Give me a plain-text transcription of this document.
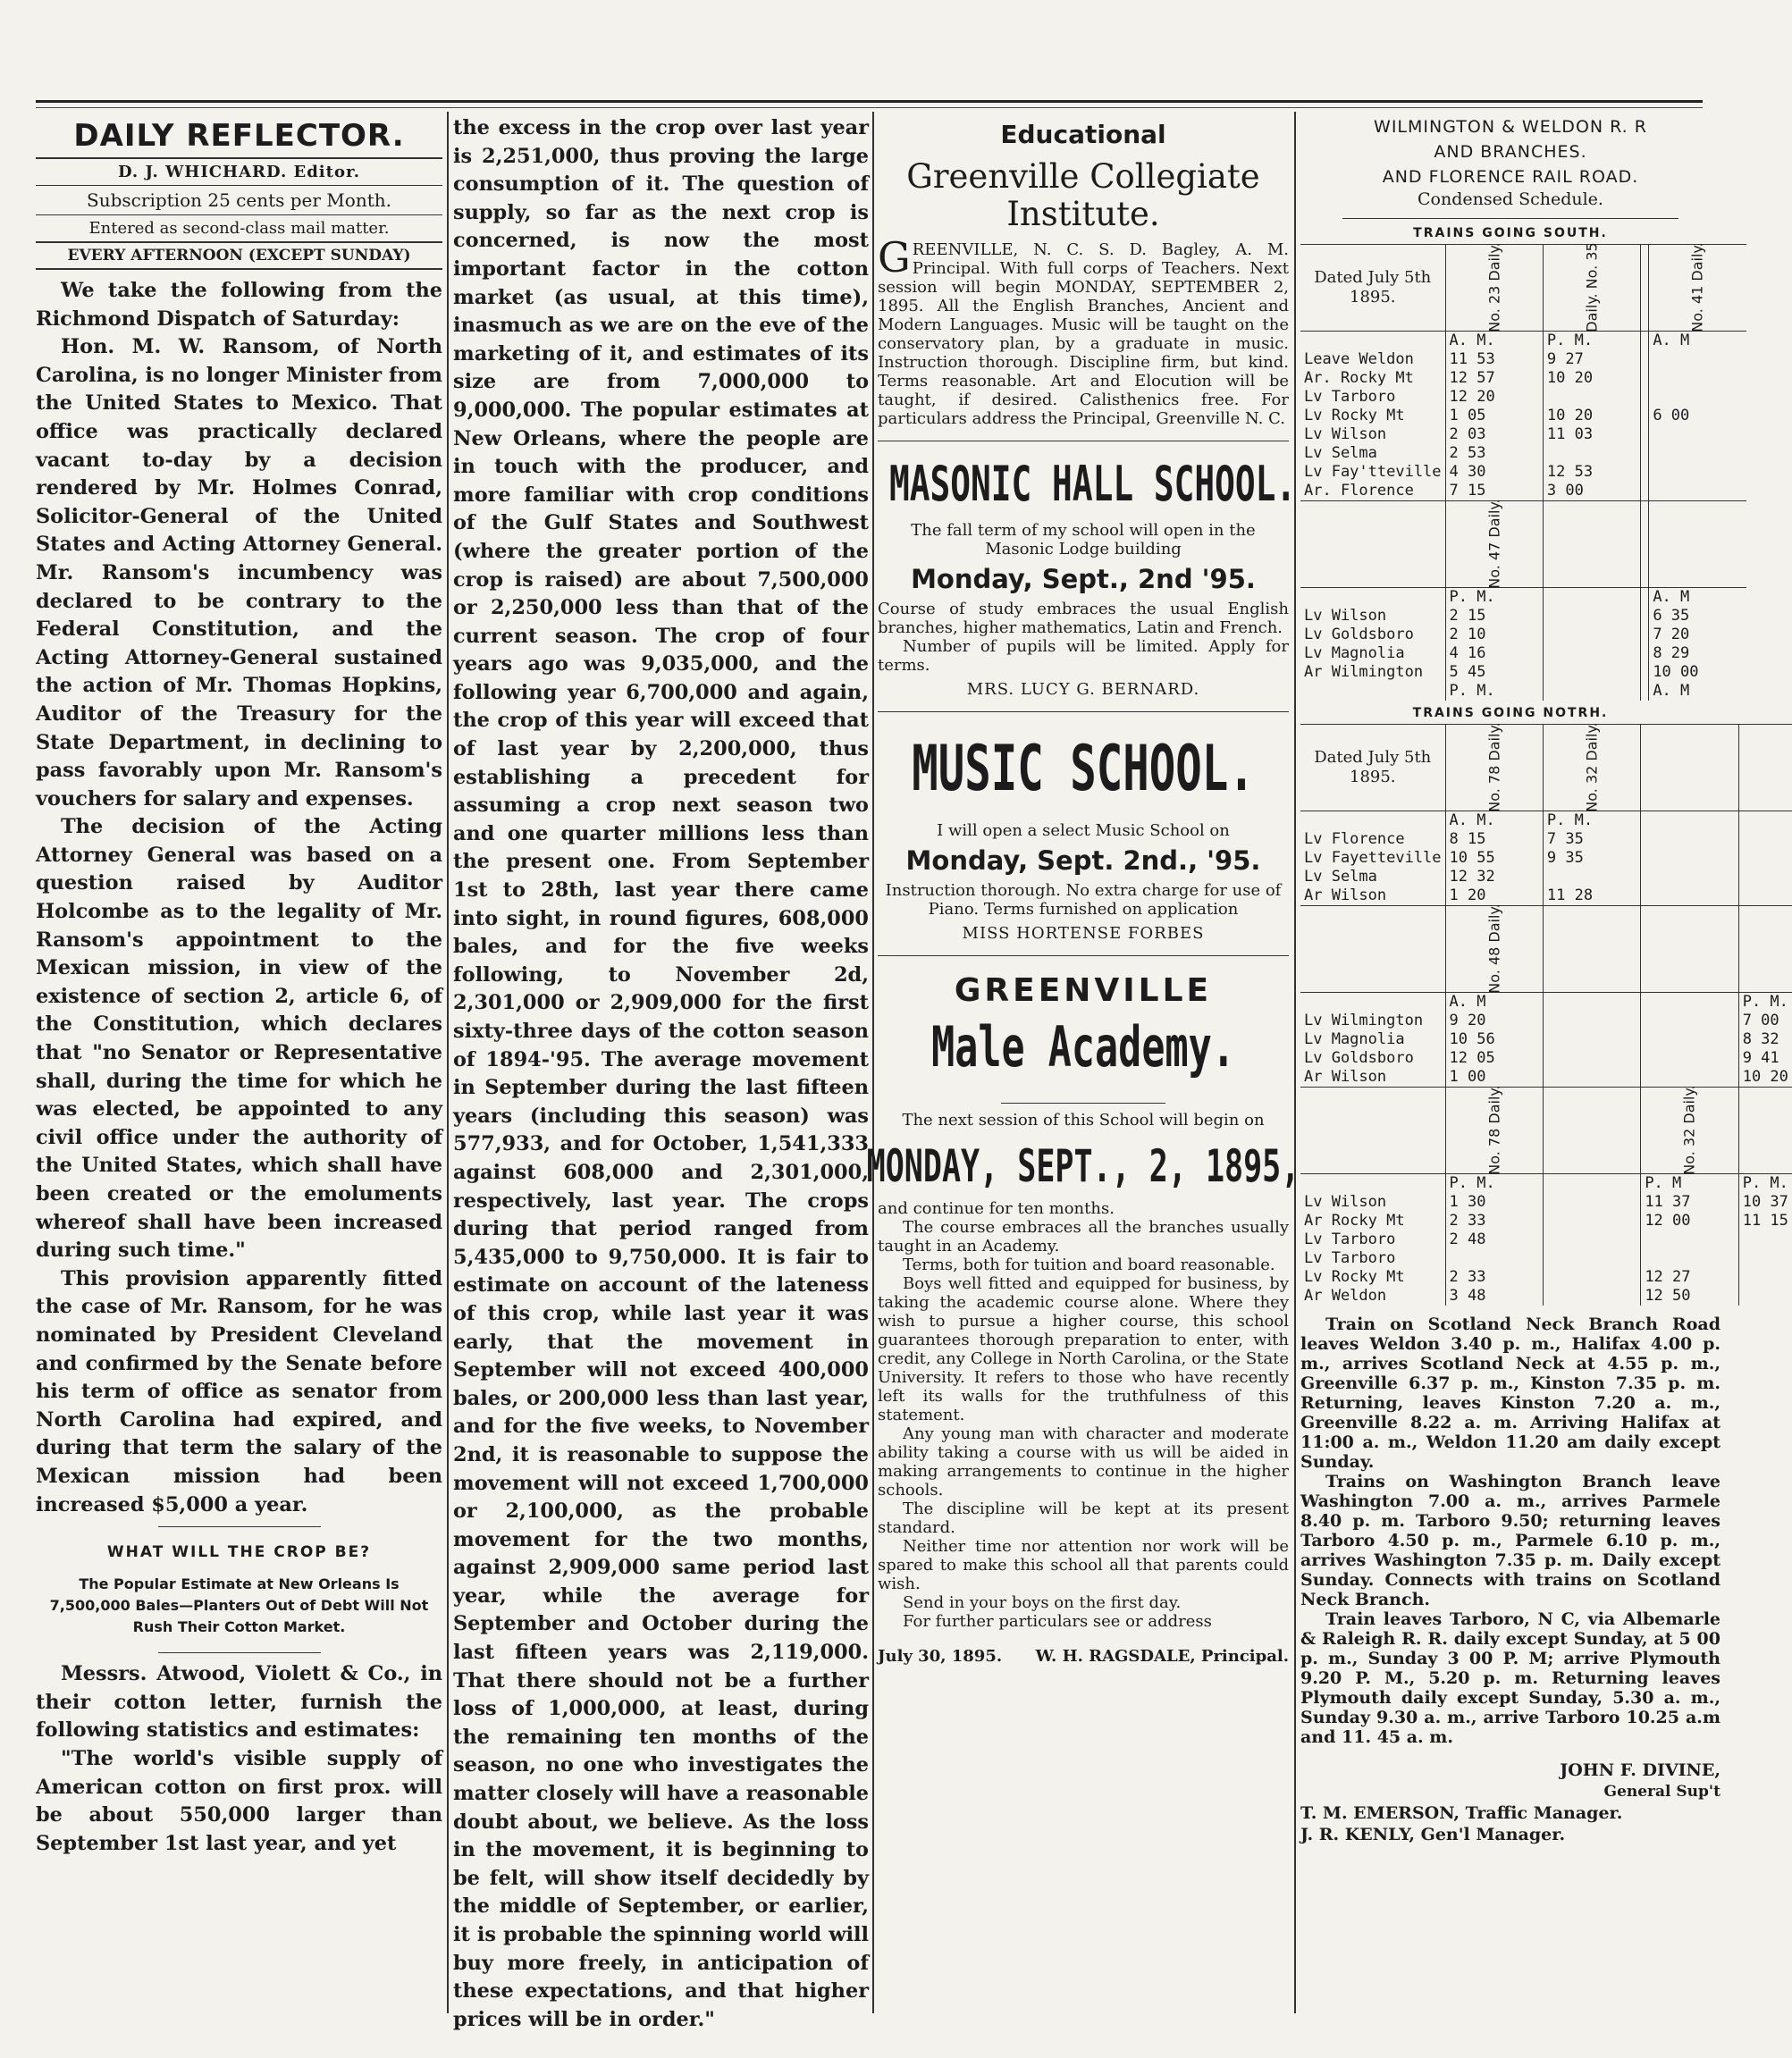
DAILY REFLECTOR.
D. J. WHICHARD. Editor.
Subscription 25 cents per Month.
Entered as second-class mail matter.
EVERY AFTERNOON (EXCEPT SUNDAY)

We take the following from the Richmond Dispatch of Saturday:

Hon. M. W. Ransom, of North Carolina, is no longer Minister from the United States to Mexico. That office was practically declared vacant to-day by a decision rendered by Mr. Holmes Conrad, Solicitor-General of the United States and Acting Attorney General. Mr. Ransom's incumbency was declared to be contrary to the Federal Constitution, and the Acting Attorney-General sustained the action of Mr. Thomas Hopkins, Auditor of the Treasury for the State Department, in declining to pass favorably upon Mr. Ransom's vouchers for salary and expenses.

The decision of the Acting Attorney General was based on a question raised by Auditor Holcombe as to the legality of Mr. Ransom's appointment to the Mexican mission, in view of the existence of section 2, article 6, of the Constitution, which declares that "no Senator or Representative shall, during the time for which he was elected, be appointed to any civil office under the authority of the United States, which shall have been created or the emoluments whereof shall have been increased during such time."

This provision apparently fitted the case of Mr. Ransom, for he was nominated by President Cleveland and confirmed by the Senate before his term of office as senator from North Carolina had expired, and during that term the salary of the Mexican mission had been increased $5,000 a year.

WHAT WILL THE CROP BE?
The Popular Estimate at New Orleans Is 7,500,000 Bales—Planters Out of Debt Will Not Rush Their Cotton Market.

Messrs. Atwood, Violett & Co., in their cotton letter, furnish the following statistics and estimates:

"The world's visible supply of American cotton on first prox. will be about 550,000 larger than September 1st last year, and yet

the excess in the crop over last year is 2,251,000, thus proving the large consumption of it. The question of supply, so far as the next crop is concerned, is now the most important factor in the cotton market (as usual, at this time), inasmuch as we are on the eve of the marketing of it, and estimates of its size are from 7,000,000 to 9,000,000. The popular estimates at New Orleans, where the people are in touch with the producer, and more familiar with crop conditions of the Gulf States and Southwest (where the greater portion of the crop is raised) are about 7,500,000 or 2,250,000 less than that of the current season. The crop of four years ago was 9,035,000, and the following year 6,700,000 and again, the crop of this year will exceed that of last year by 2,200,000, thus establishing a precedent for assuming a crop next season two and one quarter millions less than the present one. From September 1st to 28th, last year there came into sight, in round figures, 608,000 bales, and for the five weeks following, to November 2d, 2,301,000 or 2,909,000 for the first sixty-three days of the cotton season of 1894-'95. The average movement in September during the last fifteen years (including this season) was 577,933, and for October, 1,541,333 against 608,000 and 2,301,000, respectively, last year. The crops during that period ranged from 5,435,000 to 9,750,000. It is fair to estimate on account of the lateness of this crop, while last year it was early, that the movement in September will not exceed 400,000 bales, or 200,000 less than last year, and for the five weeks, to November 2nd, it is reasonable to suppose the movement will not exceed 1,700,000 or 2,100,000, as the probable movement for the two months, against 2,909,000 same period last year, while the average for September and October during the last fifteen years was 2,119,000. That there should not be a further loss of 1,000,000, at least, during the remaining ten months of the season, no one who investigates the matter closely will have a reasonable doubt about, we believe. As the loss in the movement, it is beginning to be felt, will show itself decidedly by the middle of September, or earlier, it is probable the spinning world will buy more freely, in anticipation of these expectations, and that higher prices will be in order."

Educational
Greenville Collegiate Institute.

GREENVILLE, N. C. S. D. Bagley, A. M. Principal. With full corps of Teachers. Next session will begin MONDAY, SEPTEMBER 2, 1895. All the English Branches, Ancient and Modern Languages. Music will be taught on the conservatory plan, by a graduate in music. Instruction thorough. Discipline firm, but kind. Terms reasonable. Art and Elocution will be taught, if desired. Calisthenics free. For particulars address the Principal, Greenville N. C.

MASONIC HALL SCHOOL.

The fall term of my school will open in the Masonic Lodge building

Monday, Sept., 2nd '95.

Course of study embraces the usual English branches, higher mathematics, Latin and French.

Number of pupils will be limited. Apply for terms.

MRS. LUCY G. BERNARD.
MUSIC SCHOOL.

I will open a select Music School on

Monday, Sept. 2nd., '95.

Instruction thorough. No extra charge for use of Piano. Terms furnished on application

MISS HORTENSE FORBES
GREENVILLE
Male Academy.

The next session of this School will begin on

MONDAY, SEPT., 2, 1895,

and continue for ten months.

The course embraces all the branches usually taught in an Academy.

Terms, both for tuition and board reasonable.

Boys well fitted and equipped for business, by taking the academic course alone. Where they wish to pursue a higher course, this school guarantees thorough preparation to enter, with credit, any College in North Carolina, or the State University. It refers to those who have recently left its walls for the truthfulness of this statement.

Any young man with character and moderate ability taking a course with us will be aided in making arrangements to continue in the higher schools.

The discipline will be kept at its present standard.

Neither time nor attention nor work will be spared to make this school all that parents could wish.

Send in your boys on the first day.

For further particulars see or address

July 30, 1895. W. H. RAGSDALE, Principal.
WILMINGTON & WELDON R. R
AND BRANCHES.
AND FLORENCE RAIL ROAD.
Condensed Schedule.
TRAINS GOING SOUTH.
Dated July 5th 1895.	No. 23 Daily.	Daily. No. 35		No. 41 Daily.
	A. M.	P. M.		A. M
Leave Weldon	11 53	9 27		
Ar. Rocky Mt	12 57	10 20		

Lv Tarboro	12 20			

Lv Rocky Mt	1 05	10 20		6 00
Lv Wilson	2 03	11 03		
Lv Selma	2 53			
Lv Fay'tteville	4 30	12 53		
Ar. Florence	7 15	3 00		
	No. 47 Daily.			
	P. M.			A. M
Lv Wilson	2 15			6 35
Lv Goldsboro	2 10			7 20
Lv Magnolia	4 16			8 29
Ar Wilmington	5 45			10 00
	P. M.			A. M
TRAINS GOING NOTRH.
Dated July 5th 1895.	No. 78 Daily.	No. 32 Daily.		
	A. M.	P. M.		
Lv Florence	8 15	7 35		
Lv Fayetteville	10 55	9 35		
Lv Selma	12 32			
Ar Wilson	1 20	11 28		
	No. 48 Daily.			
	A. M			P. M.
Lv Wilmington	9 20			7 00
Lv Magnolia	10 56			8 32
Lv Goldsboro	12 05			9 41
Ar Wilson	1 00			10 20
	No. 78 Daily.		No. 32 Daily.	
	P. M.		P. M	P. M.
Lv Wilson	1 30		11 37	10 37
Ar Rocky Mt	2 33		12 00	11 15

Lv Tarboro	2 48			
Lv Tarboro				
Lv Rocky Mt	2 33		12 27	
Ar Weldon	3 48		12 50	

Train on Scotland Neck Branch Road leaves Weldon 3.40 p. m., Halifax 4.00 p. m., arrives Scotland Neck at 4.55 p. m., Greenville 6.37 p. m., Kinston 7.35 p. m. Returning, leaves Kinston 7.20 a. m., Greenville 8.22 a. m. Arriving Halifax at 11:00 a. m., Weldon 11.20 am daily except Sunday.

Trains on Washington Branch leave Washington 7.00 a. m., arrives Parmele 8.40 p. m. Tarboro 9.50; returning leaves Tarboro 4.50 p. m., Parmele 6.10 p. m., arrives Washington 7.35 p. m. Daily except Sunday. Connects with trains on Scotland Neck Branch.

Train leaves Tarboro, N C, via Albemarle & Raleigh R. R. daily except Sunday, at 5 00 p. m., Sunday 3 00 P. M; arrive Plymouth 9.20 P. M., 5.20 p. m. Returning leaves Plymouth daily except Sunday, 5.30 a. m., Sunday 9.30 a. m., arrive Tarboro 10.25 a.m and 11. 45 a. m.

JOHN F. DIVINE,
General Sup't
T. M. EMERSON, Traffic Manager.
J. R. KENLY, Gen'l Manager.
